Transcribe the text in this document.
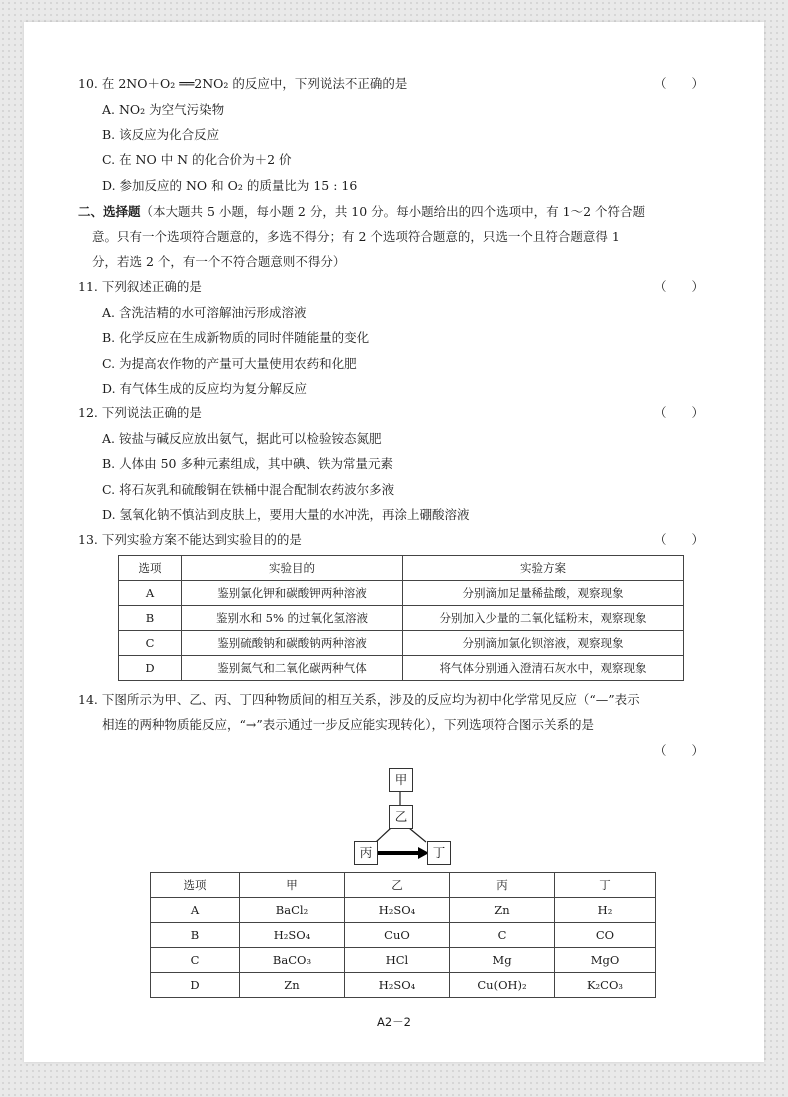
10. 在 2NO＋O₂ ══2NO₂ 的反应中，下列说法不正确的是	（　　）
A. NO₂ 为空气污染物
B. 该反应为化合反应
C. 在 NO 中 N 的化合价为＋2 价
D. 参加反应的 NO 和 O₂ 的质量比为 15 : 16
二、选择题（本大题共 5 小题，每小题 2 分，共 10 分。每小题给出的四个选项中，有 1～2 个符合题
意。只有一个选项符合题意的，多选不得分；有 2 个选项符合题意的，只选一个且符合题意得 1
分，若选 2 个，有一个不符合题意则不得分）
11. 下列叙述正确的是	（　　）
A. 含洗洁精的水可溶解油污形成溶液
B. 化学反应在生成新物质的同时伴随能量的变化
C. 为提高农作物的产量可大量使用农药和化肥
D. 有气体生成的反应均为复分解反应
12. 下列说法正确的是	（　　）
A. 铵盐与碱反应放出氨气，据此可以检验铵态氮肥
B. 人体由 50 多种元素组成，其中碘、铁为常量元素
C. 将石灰乳和硫酸铜在铁桶中混合配制农药波尔多液
D. 氢氧化钠不慎沾到皮肤上，要用大量的水冲洗，再涂上硼酸溶液
13. 下列实验方案不能达到实验目的的是	（　　）
选项	实验目的	实验方案
A	鉴别氯化钾和碳酸钾两种溶液	分别滴加足量稀盐酸，观察现象
B	鉴别水和 5% 的过氧化氢溶液	分别加入少量的二氧化锰粉末，观察现象
C	鉴别硫酸钠和碳酸钠两种溶液	分别滴加氯化钡溶液，观察现象
D	鉴别氮气和二氧化碳两种气体	将气体分别通入澄清石灰水中，观察现象
14. 下图所示为甲、乙、丙、丁四种物质间的相互关系，涉及的反应均为初中化学常见反应（“—”表示
相连的两种物质能反应，“→”表示通过一步反应能实现转化），下列选项符合图示关系的是
（　　）
甲
乙
丙	丁
选项	甲	乙	丙	丁
A	BaCl₂	H₂SO₄	Zn	H₂
B	H₂SO₄	CuO	C	CO
C	BaCO₃	HCl	Mg	MgO
D	Zn	H₂SO₄	Cu(OH)₂	K₂CO₃
A2－2
